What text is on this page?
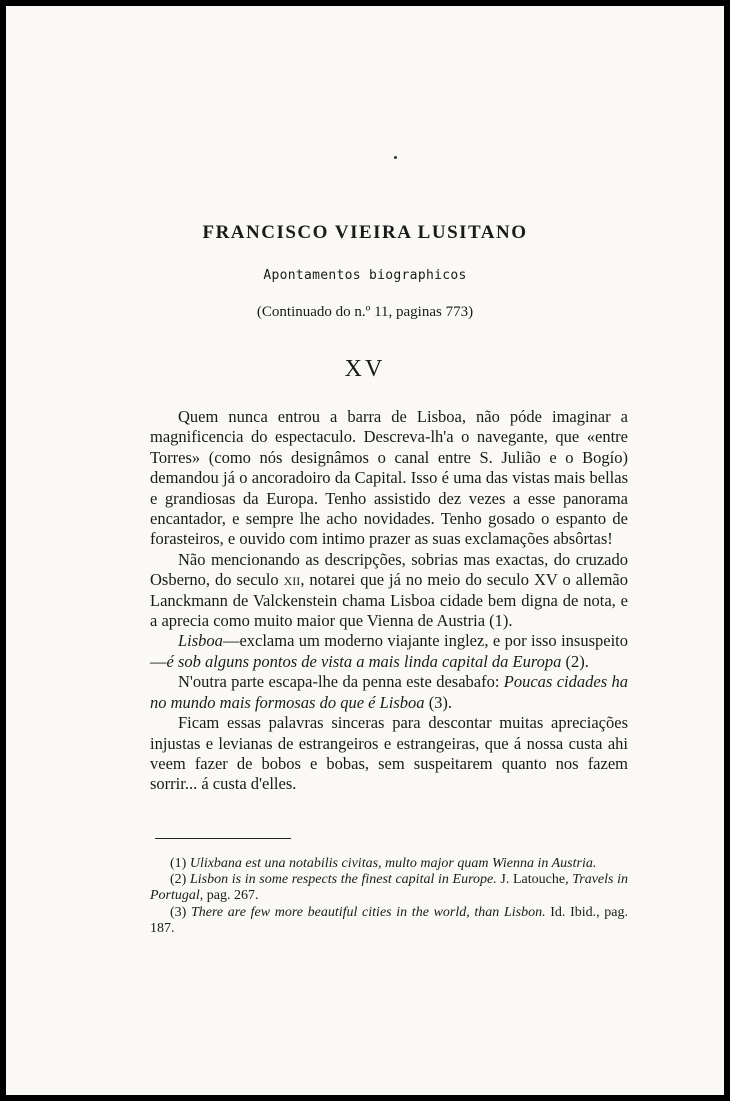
FRANCISCO VIEIRA LUSITANO
Apontamentos biographicos
(Continuado do n.º 11, paginas 773)
XV

Quem nunca entrou a barra de Lisboa, não póde imaginar a magnificencia do espectaculo. Descreva-lh'a o navegante, que «entre Torres» (como nós designâmos o canal entre S. Julião e o Bogío) demandou já o ancoradoiro da Capital. Isso é uma das vistas mais bellas e grandiosas da Europa. Tenho assistido dez vezes a esse panorama encantador, e sempre lhe acho novidades. Tenho gosado o espanto de forasteiros, e ouvido com intimo prazer as suas exclamações absôrtas!

Não mencionando as descripções, sobrias mas exactas, do cruzado Osberno, do seculo xii, notarei que já no meio do seculo XV o allemão Lanckmann de Valckenstein chama Lisboa cidade bem digna de nota, e a aprecia como muito maior que Vienna de Austria (1).

Lisboa—exclama um moderno viajante inglez, e por isso insuspeito—é sob alguns pontos de vista a mais linda capital da Europa (2).

N'outra parte escapa-lhe da penna este desabafo: Poucas cidades ha no mundo mais formosas do que é Lisboa (3).

Ficam essas palavras sinceras para descontar muitas apreciações injustas e levianas de estrangeiros e estrangeiras, que á nossa custa ahi veem fazer de bobos e bobas, sem suspeitarem quanto nos fazem sorrir... á custa d'elles.

(1) Ulixbana est una notabilis civitas, multo major quam Wienna in Austria.

(2) Lisbon is in some respects the finest capital in Europe. J. Latouche, Travels in Portugal, pag. 267.

(3) There are few more beautiful cities in the world, than Lisbon. Id. Ibid., pag. 187.
